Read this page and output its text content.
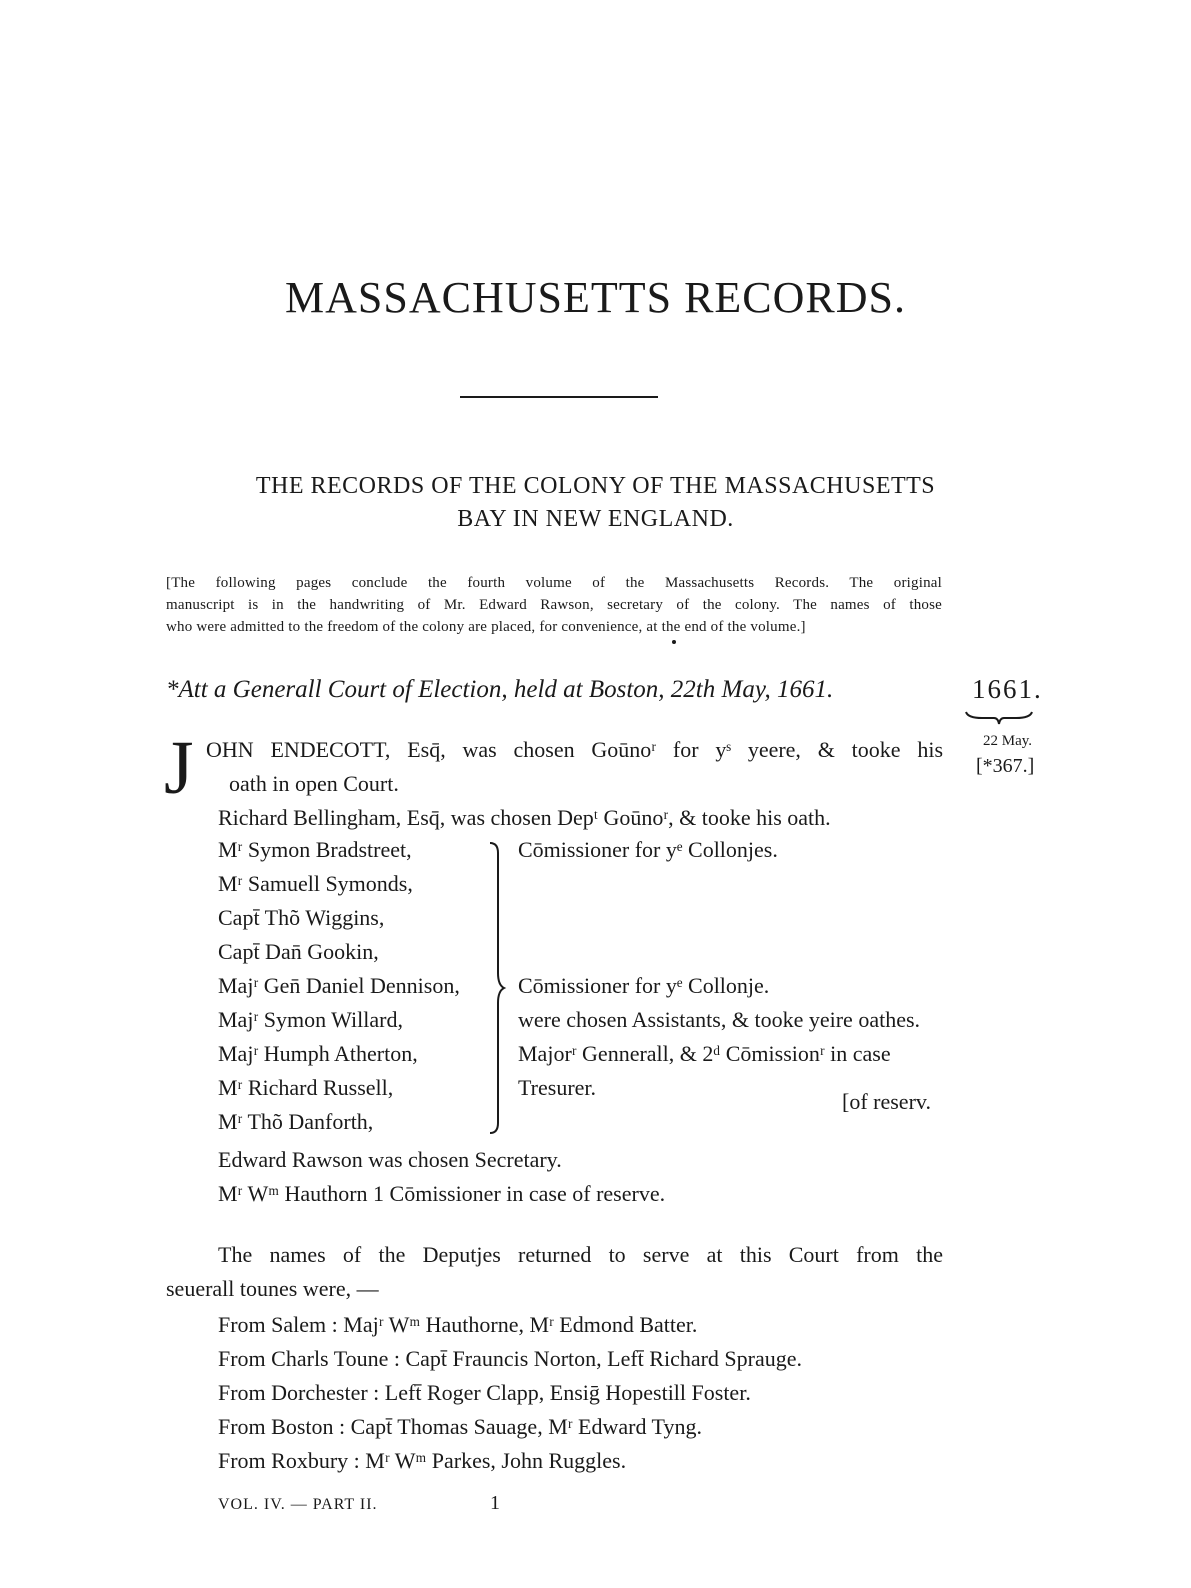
MASSACHUSETTS RECORDS.
THE RECORDS OF THE COLONY OF THE MASSACHUSETTS
BAY IN NEW ENGLAND.
[The following pages conclude the fourth volume of the Massachusetts Records. The original
manuscript is in the handwriting of Mr. Edward Rawson, secretary of the colony. The names of those
who were admitted to the freedom of the colony are placed, for convenience, at the end of the volume.]
*Att a Generall Court of Election, held at Boston, 22th May, 1661.	1661.
22 May.
[*367.]
J OHN ENDECOTT, Esq̄, was chosen Goūnoʳ for yˢ yeere, & tooke his
oath in open Court.
Richard Bellingham, Esq̄, was chosen Depᵗ Goūnoʳ, & tooke his oath.
Mʳ Symon Bradstreet,
Mʳ Samuell Symonds,
Capt̄ Thõ Wiggins,
Capt̄ Dan̄ Gookin,
Majʳ Gen̄ Daniel Dennison,
Majʳ Symon Willard,
Majʳ Humph Atherton,
Mʳ Richard Russell,
Mʳ Thõ Danforth,
Cōmissioner for yᵉ Collonjes.
Cōmissioner for yᵉ Collonje.
were chosen Assistants, & tooke yeire oathes.
Majorʳ Gennerall, & 2ᵈ Cōmissionʳ in case
Tresurer.
[of reserv.
Edward Rawson was chosen Secretary.
Mʳ Wᵐ Hauthorn 1 Cōmissioner in case of reserve.
The names of the Deputjes returned to serve at this Court from the
seuerall tounes were, —
From Salem : Majʳ Wᵐ Hauthorne, Mʳ Edmond Batter.
From Charls Toune : Capt̄ Frauncis Norton, Left̄ Richard Sprauge.
From Dorchester : Left̄ Roger Clapp, Ensiḡ Hopestill Foster.
From Boston : Capt̄ Thomas Sauage, Mʳ Edward Tyng.
From Roxbury : Mʳ Wᵐ Parkes, John Ruggles.
VOL. IV. — PART II.	1
